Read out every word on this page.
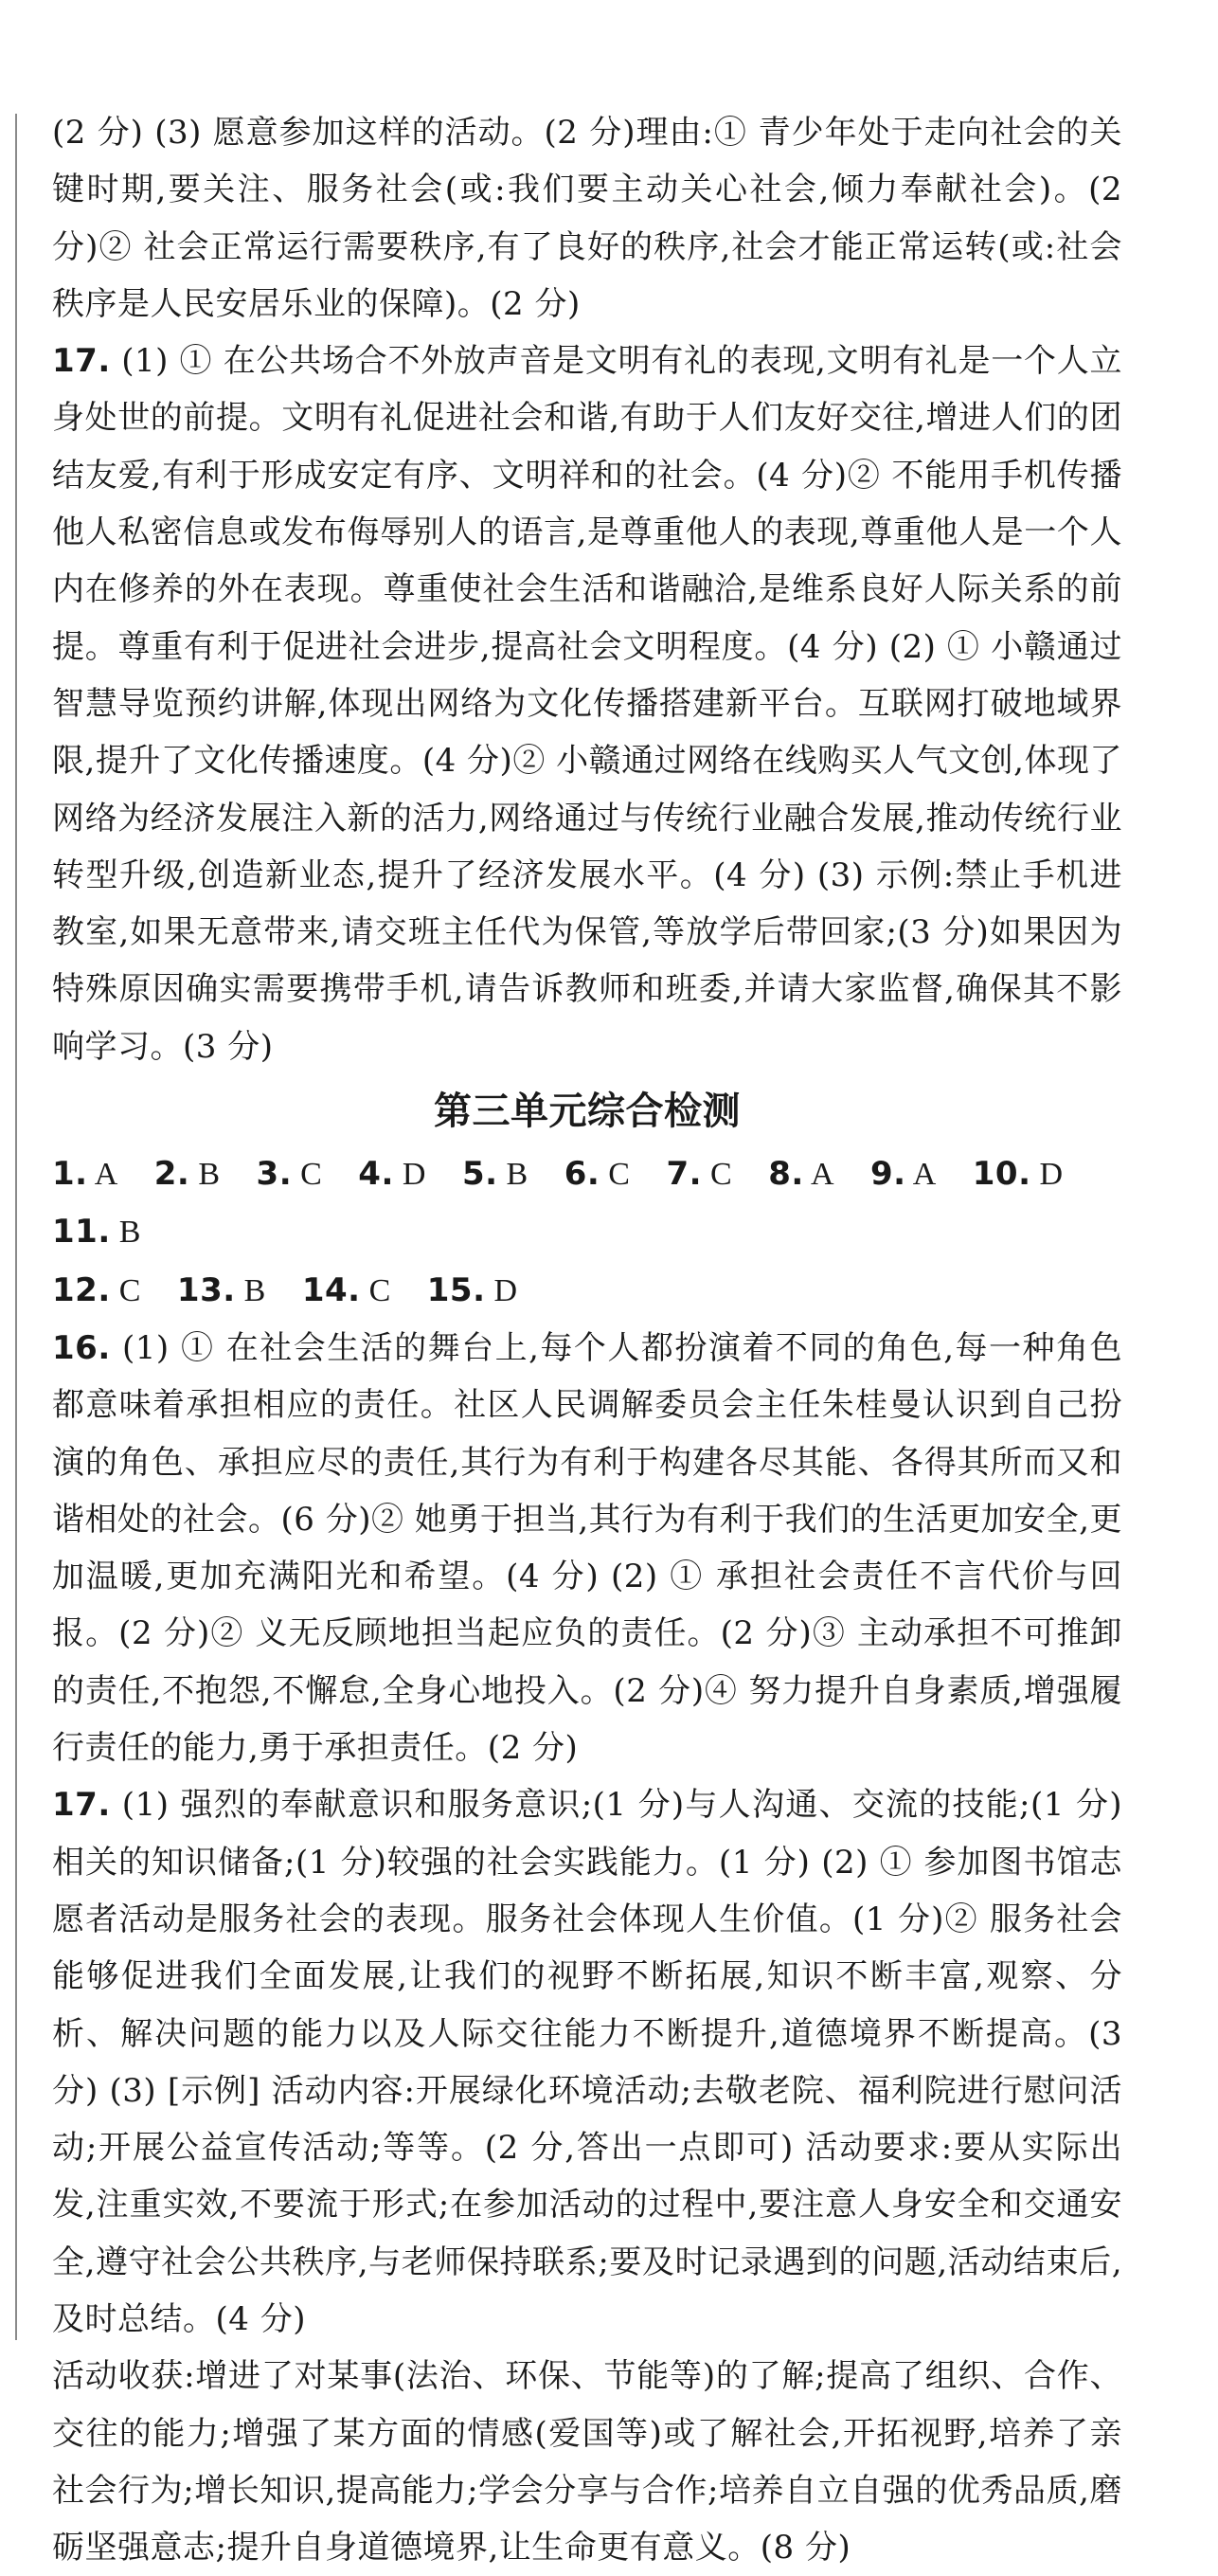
(2 分) (3) 愿意参加这样的活动。(2 分)理由:① 青少年处于走向社会的关键时期,要关注、服务社会(或:我们要主动关心社会,倾力奉献社会)。(2 分)② 社会正常运行需要秩序,有了良好的秩序,社会才能正常运转(或:社会秩序是人民安居乐业的保障)。(2 分)

17. (1) ① 在公共场合不外放声音是文明有礼的表现,文明有礼是一个人立身处世的前提。文明有礼促进社会和谐,有助于人们友好交往,增进人们的团结友爱,有利于形成安定有序、文明祥和的社会。(4 分)② 不能用手机传播他人私密信息或发布侮辱别人的语言,是尊重他人的表现,尊重他人是一个人内在修养的外在表现。尊重使社会生活和谐融洽,是维系良好人际关系的前提。尊重有利于促进社会进步,提高社会文明程度。(4 分) (2) ① 小赣通过智慧导览预约讲解,体现出网络为文化传播搭建新平台。互联网打破地域界限,提升了文化传播速度。(4 分)② 小赣通过网络在线购买人气文创,体现了网络为经济发展注入新的活力,网络通过与传统行业融合发展,推动传统行业转型升级,创造新业态,提升了经济发展水平。(4 分) (3) 示例:禁止手机进教室,如果无意带来,请交班主任代为保管,等放学后带回家;(3 分)如果因为特殊原因确实需要携带手机,请告诉教师和班委,并请大家监督,确保其不影响学习。(3 分)

第三单元综合检测
1. A 2. B 3. C 4. D 5. B 6. C 7. C 8. A 9. A 10. D
11. B
12. C 13. B 14. C 15. D

16. (1) ① 在社会生活的舞台上,每个人都扮演着不同的角色,每一种角色都意味着承担相应的责任。社区人民调解委员会主任朱桂曼认识到自己扮演的角色、承担应尽的责任,其行为有利于构建各尽其能、各得其所而又和谐相处的社会。(6 分)② 她勇于担当,其行为有利于我们的生活更加安全,更加温暖,更加充满阳光和希望。(4 分) (2) ① 承担社会责任不言代价与回报。(2 分)② 义无反顾地担当起应负的责任。(2 分)③ 主动承担不可推卸的责任,不抱怨,不懈怠,全身心地投入。(2 分)④ 努力提升自身素质,增强履行责任的能力,勇于承担责任。(2 分)

17. (1) 强烈的奉献意识和服务意识;(1 分)与人沟通、交流的技能;(1 分)相关的知识储备;(1 分)较强的社会实践能力。(1 分) (2) ① 参加图书馆志愿者活动是服务社会的表现。服务社会体现人生价值。(1 分)② 服务社会能够促进我们全面发展,让我们的视野不断拓展,知识不断丰富,观察、分析、解决问题的能力以及人际交往能力不断提升,道德境界不断提高。(3 分) (3) [示例] 活动内容:开展绿化环境活动;去敬老院、福利院进行慰问活动;开展公益宣传活动;等等。(2 分,答出一点即可) 活动要求:要从实际出发,注重实效,不要流于形式;在参加活动的过程中,要注意人身安全和交通安全,遵守社会公共秩序,与老师保持联系;要及时记录遇到的问题,活动结束后,及时总结。(4 分)

活动收获:增进了对某事(法治、环保、节能等)的了解;提高了组织、合作、交往的能力;增强了某方面的情感(爱国等)或了解社会,开拓视野,培养了亲社会行为;增长知识,提高能力;学会分享与合作;培养自立自强的优秀品质,磨砺坚强意志;提升自身道德境界,让生命更有意义。(8 分)
